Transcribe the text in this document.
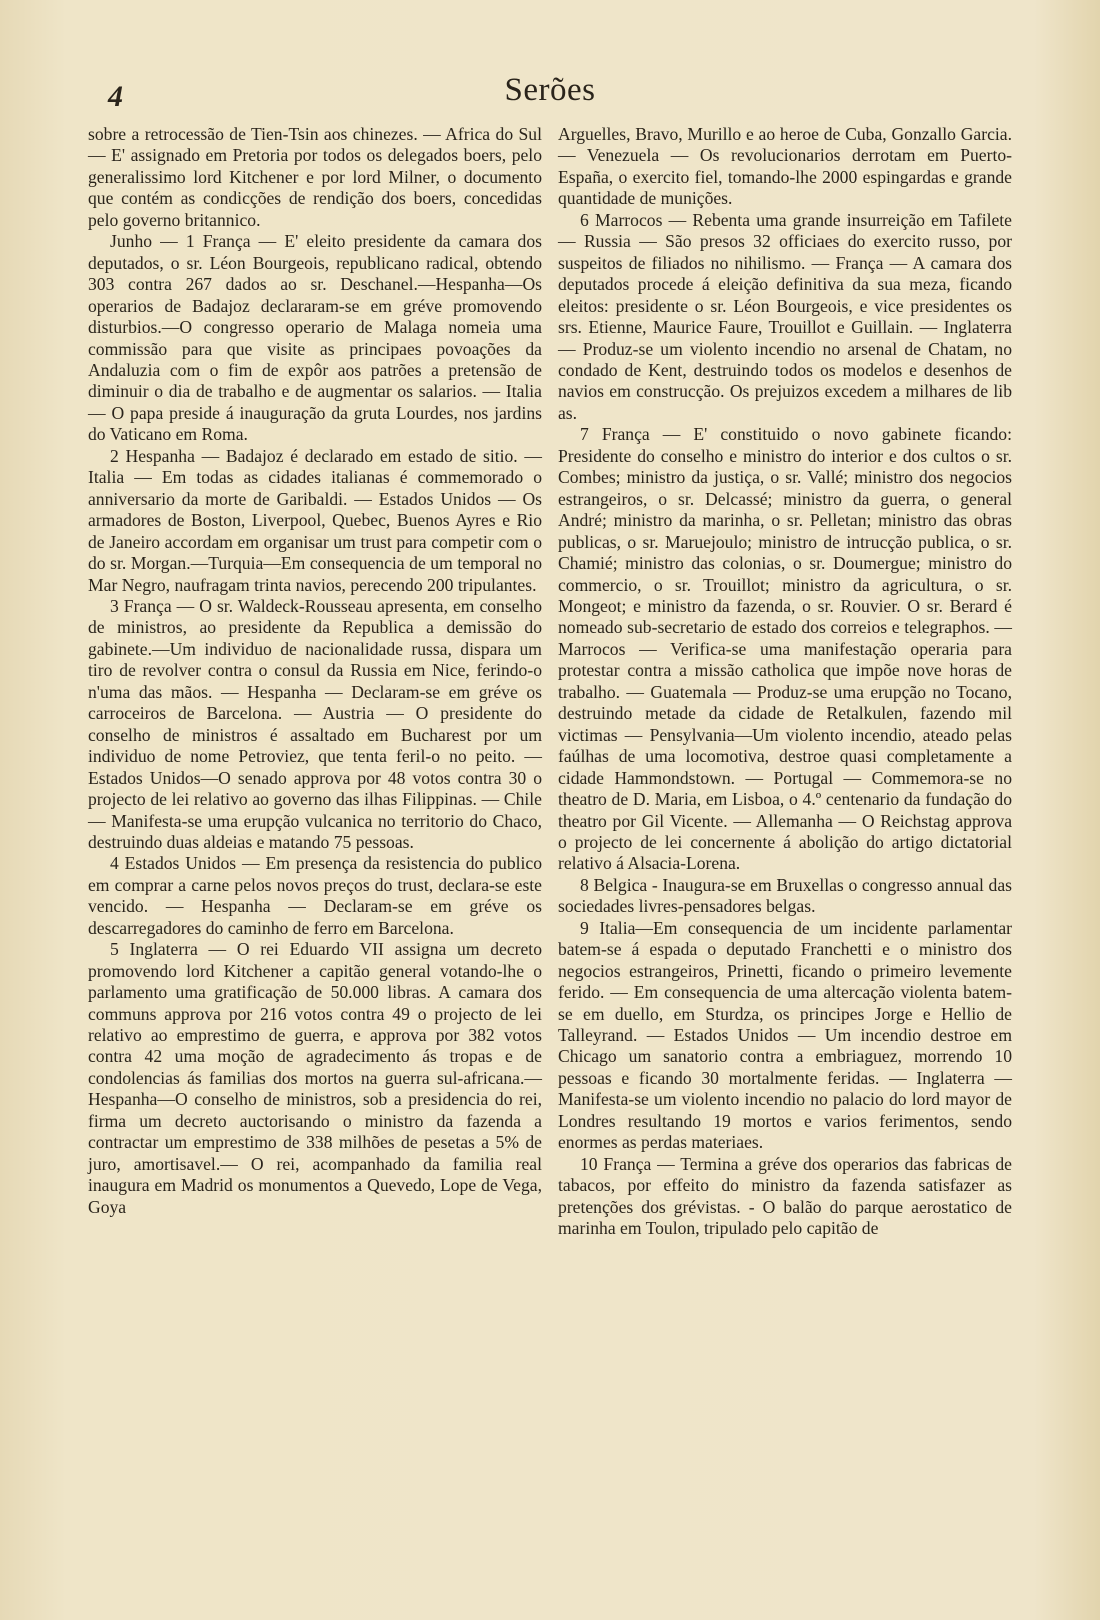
4	Serões

sobre a retrocessão de Tien-Tsin aos chinezes. — Africa do Sul — E' assignado em Pretoria por todos os delegados boers, pelo generalissimo lord Kitchener e por lord Milner, o documento que contém as condicções de rendição dos boers, concedidas pelo governo britannico.

Junho — 1 França — E' eleito presidente da camara dos deputados, o sr. Léon Bourgeois, republicano radical, obtendo 303 contra 267 dados ao sr. Deschanel.—Hespanha—Os operarios de Badajoz declararam-se em gréve promovendo disturbios.—O congresso operario de Malaga nomeia uma commissão para que visite as principaes povoações da Andaluzia com o fim de expôr aos patrões a pretensão de diminuir o dia de trabalho e de augmentar os salarios. — Italia — O papa preside á inauguração da gruta Lourdes, nos jardins do Vaticano em Roma.

2 Hespanha — Badajoz é declarado em estado de sitio. — Italia — Em todas as cidades italianas é commemorado o anniversario da morte de Garibaldi. — Estados Unidos — Os armadores de Boston, Liverpool, Quebec, Buenos Ayres e Rio de Janeiro accordam em organisar um trust para competir com o do sr. Morgan.—Turquia—Em consequencia de um temporal no Mar Negro, naufragam trinta navios, perecendo 200 tripulantes.

3 França — O sr. Waldeck-Rousseau apresenta, em conselho de ministros, ao presidente da Republica a demissão do gabinete.—Um individuo de nacionalidade russa, dispara um tiro de revolver contra o consul da Russia em Nice, ferindo-o n'uma das mãos. — Hespanha — Declaram-se em gréve os carroceiros de Barcelona. — Austria — O presidente do conselho de ministros é assaltado em Bucharest por um individuo de nome Petroviez, que tenta feril-o no peito. — Estados Unidos—O senado approva por 48 votos contra 30 o projecto de lei relativo ao governo das ilhas Filippinas. — Chile — Manifesta-se uma erupção vulcanica no territorio do Chaco, destruindo duas aldeias e matando 75 pessoas.

4 Estados Unidos — Em presença da resistencia do publico em comprar a carne pelos novos preços do trust, declara-se este vencido. — Hespanha — Declaram-se em gréve os descarregadores do caminho de ferro em Barcelona.

5 Inglaterra — O rei Eduardo VII assigna um decreto promovendo lord Kitchener a capitão general votando-lhe o parlamento uma gratificação de 50.000 libras. A camara dos communs approva por 216 votos contra 49 o projecto de lei relativo ao emprestimo de guerra, e approva por 382 votos contra 42 uma moção de agradecimento ás tropas e de condolencias ás familias dos mortos na guerra sul-africana.—Hespanha—O conselho de ministros, sob a presidencia do rei, firma um decreto auctorisando o ministro da fazenda a contractar um emprestimo de 338 milhões de pesetas a 5% de juro, amortisavel.— O rei, acompanhado da familia real inaugura em Madrid os monumentos a Quevedo, Lope de Vega, Goya

Arguelles, Bravo, Murillo e ao heroe de Cuba, Gonzallo Garcia. — Venezuela — Os revolucionarios derrotam em Puerto-España, o exercito fiel, tomando-lhe 2000 espingardas e grande quantidade de munições.

6 Marrocos — Rebenta uma grande insurreição em Tafilete — Russia — São presos 32 officiaes do exercito russo, por suspeitos de filiados no nihilismo. — França — A camara dos deputados procede á eleição definitiva da sua meza, ficando eleitos: presidente o sr. Léon Bourgeois, e vice presidentes os srs. Etienne, Maurice Faure, Trouillot e Guillain. — Inglaterra — Produz-se um violento incendio no arsenal de Chatam, no condado de Kent, destruindo todos os modelos e desenhos de navios em construcção. Os prejuizos excedem a milhares de lib as.

7 França — E' constituido o novo gabinete ficando: Presidente do conselho e ministro do interior e dos cultos o sr. Combes; ministro da justiça, o sr. Vallé; ministro dos negocios estrangeiros, o sr. Delcassé; ministro da guerra, o general André; ministro da marinha, o sr. Pelletan; ministro das obras publicas, o sr. Maruejoulo; ministro de intrucção publica, o sr. Chamié; ministro das colonias, o sr. Doumergue; ministro do commercio, o sr. Trouillot; ministro da agricultura, o sr. Mongeot; e ministro da fazenda, o sr. Rouvier. O sr. Berard é nomeado sub-secretario de estado dos correios e telegraphos. — Marrocos — Verifica-se uma manifestação operaria para protestar contra a missão catholica que impõe nove horas de trabalho. — Guatemala — Produz-se uma erupção no Tocano, destruindo metade da cidade de Retalkulen, fazendo mil victimas — Pensylvania—Um violento incendio, ateado pelas faúlhas de uma locomotiva, destroe quasi completamente a cidade Hammondstown. — Portugal — Commemora-se no theatro de D. Maria, em Lisboa, o 4.º centenario da fundação do theatro por Gil Vicente. — Allemanha — O Reichstag approva o projecto de lei concernente á abolição do artigo dictatorial relativo á Alsacia-Lorena.

8 Belgica - Inaugura-se em Bruxellas o congresso annual das sociedades livres-pensadores belgas.

9 Italia—Em consequencia de um incidente parlamentar batem-se á espada o deputado Franchetti e o ministro dos negocios estrangeiros, Prinetti, ficando o primeiro levemente ferido. — Em consequencia de uma altercação violenta batem-se em duello, em Sturdza, os principes Jorge e Hellio de Talleyrand. — Estados Unidos — Um incendio destroe em Chicago um sanatorio contra a embriaguez, morrendo 10 pessoas e ficando 30 mortalmente feridas. — Inglaterra — Manifesta-se um violento incendio no palacio do lord mayor de Londres resultando 19 mortos e varios ferimentos, sendo enormes as perdas materiaes.

10 França — Termina a gréve dos operarios das fabricas de tabacos, por effeito do ministro da fazenda satisfazer as pretenções dos grévistas. - O balão do parque aerostatico de marinha em Toulon, tripulado pelo capitão de
